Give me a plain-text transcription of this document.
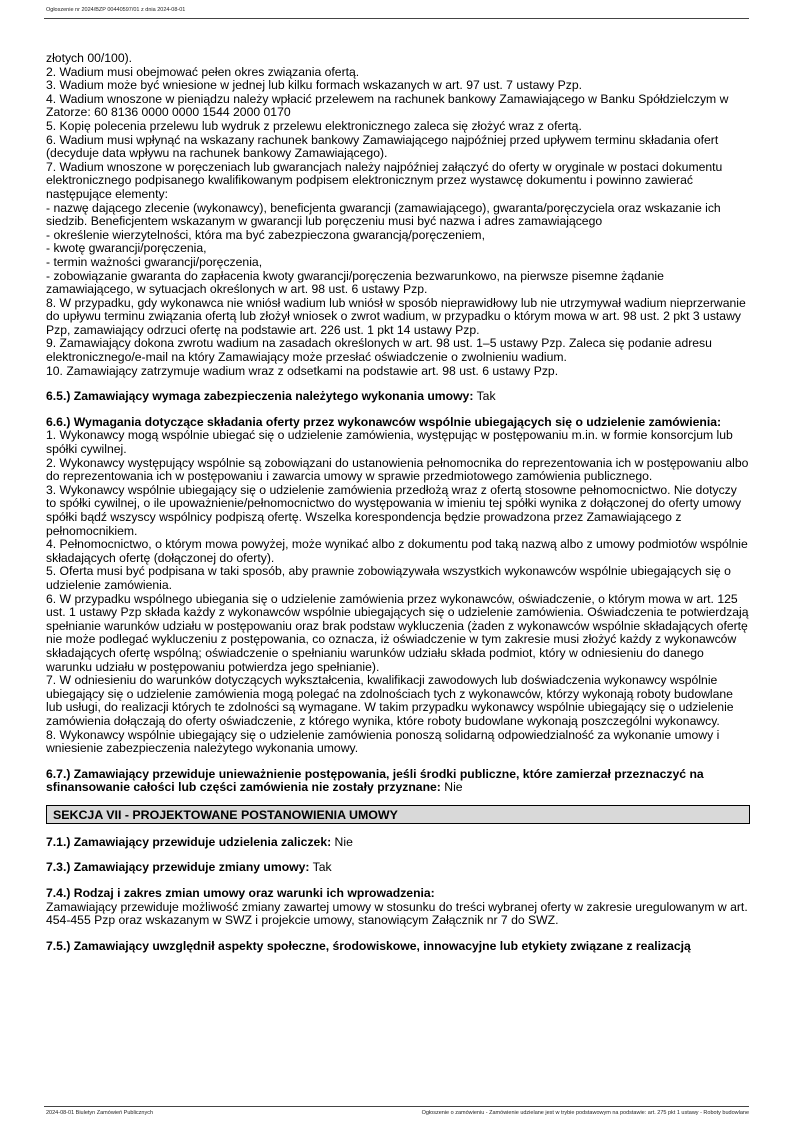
Ogłoszenie nr 2024/BZP 00440597/01 z dnia 2024-08-01

złotych 00/100).

2. Wadium musi obejmować pełen okres związania ofertą.

3. Wadium może być wniesione w jednej lub kilku formach wskazanych w art. 97 ust. 7 ustawy Pzp.

4. Wadium wnoszone w pieniądzu należy wpłacić przelewem na rachunek bankowy Zamawiającego w Banku Spółdzielczym w Zatorze: 60 8136 0000 0000 1544 2000 0170

5. Kopię polecenia przelewu lub wydruk z przelewu elektronicznego zaleca się złożyć wraz z ofertą.

6. Wadium musi wpłynąć na wskazany rachunek bankowy Zamawiającego najpóźniej przed upływem terminu składania ofert (decyduje data wpływu na rachunek bankowy Zamawiającego).

7. Wadium wnoszone w poręczeniach lub gwarancjach należy najpóźniej załączyć do oferty w oryginale w postaci dokumentu elektronicznego podpisanego kwalifikowanym podpisem elektronicznym przez wystawcę dokumentu i powinno zawierać następujące elementy:

- nazwę dającego zlecenie (wykonawcy), beneficjenta gwarancji (zamawiającego), gwaranta/poręczyciela oraz wskazanie ich siedzib. Beneficjentem wskazanym w gwarancji lub poręczeniu musi być nazwa i adres zamawiającego

- określenie wierzytelności, która ma być zabezpieczona gwarancją/poręczeniem,

- kwotę gwarancji/poręczenia,

- termin ważności gwarancji/poręczenia,

- zobowiązanie gwaranta do zapłacenia kwoty gwarancji/poręczenia bezwarunkowo, na pierwsze pisemne żądanie zamawiającego, w sytuacjach określonych w art. 98 ust. 6 ustawy Pzp.

8. W przypadku, gdy wykonawca nie wniósł wadium lub wniósł w sposób nieprawidłowy lub nie utrzymywał wadium nieprzerwanie do upływu terminu związania ofertą lub złożył wniosek o zwrot wadium, w przypadku o którym mowa w art. 98 ust. 2 pkt 3 ustawy Pzp, zamawiający odrzuci ofertę na podstawie art. 226 ust. 1 pkt 14 ustawy Pzp.

9. Zamawiający dokona zwrotu wadium na zasadach określonych w art. 98 ust. 1–5 ustawy Pzp. Zaleca się podanie adresu elektronicznego/e-mail na który Zamawiający może przesłać oświadczenie o zwolnieniu wadium.

10. Zamawiający zatrzymuje wadium wraz z odsetkami na podstawie art. 98 ust. 6 ustawy Pzp.

6.5.) Zamawiający wymaga zabezpieczenia należytego wykonania umowy: Tak

6.6.) Wymagania dotyczące składania oferty przez wykonawców wspólnie ubiegających się o udzielenie zamówienia:

1. Wykonawcy mogą wspólnie ubiegać się o udzielenie zamówienia, występując w postępowaniu m.in. w formie konsorcjum lub spółki cywilnej.

2. Wykonawcy występujący wspólnie są zobowiązani do ustanowienia pełnomocnika do reprezentowania ich w postępowaniu albo do reprezentowania ich w postępowaniu i zawarcia umowy w sprawie przedmiotowego zamówienia publicznego.

3. Wykonawcy wspólnie ubiegający się o udzielenie zamówienia przedłożą wraz z ofertą stosowne pełnomocnictwo. Nie dotyczy to spółki cywilnej, o ile upoważnienie/pełnomocnictwo do występowania w imieniu tej spółki wynika z dołączonej do oferty umowy spółki bądź wszyscy wspólnicy podpiszą ofertę. Wszelka korespondencja będzie prowadzona przez Zamawiającego z pełnomocnikiem.

4. Pełnomocnictwo, o którym mowa powyżej, może wynikać albo z dokumentu pod taką nazwą albo z umowy podmiotów wspólnie składających ofertę (dołączonej do oferty).

5. Oferta musi być podpisana w taki sposób, aby prawnie zobowiązywała wszystkich wykonawców wspólnie ubiegających się o udzielenie zamówienia.

6. W przypadku wspólnego ubiegania się o udzielenie zamówienia przez wykonawców, oświadczenie, o którym mowa w art. 125 ust. 1 ustawy Pzp składa każdy z wykonawców wspólnie ubiegających się o udzielenie zamówienia. Oświadczenia te potwierdzają spełnianie warunków udziału w postępowaniu oraz brak podstaw wykluczenia (żaden z wykonawców wspólnie składających ofertę nie może podlegać wykluczeniu z postępowania, co oznacza, iż oświadczenie w tym zakresie musi złożyć każdy z wykonawców składających ofertę wspólną; oświadczenie o spełnianiu warunków udziału składa podmiot, który w odniesieniu do danego warunku udziału w postępowaniu potwierdza jego spełnianie).

7. W odniesieniu do warunków dotyczących wykształcenia, kwalifikacji zawodowych lub doświadczenia wykonawcy wspólnie ubiegający się o udzielenie zamówienia mogą polegać na zdolnościach tych z wykonawców, którzy wykonają roboty budowlane lub usługi, do realizacji których te zdolności są wymagane. W takim przypadku wykonawcy wspólnie ubiegający się o udzielenie zamówienia dołączają do oferty oświadczenie, z którego wynika, które roboty budowlane wykonają poszczególni wykonawcy.

8. Wykonawcy wspólnie ubiegający się o udzielenie zamówienia ponoszą solidarną odpowiedzialność za wykonanie umowy i wniesienie zabezpieczenia należytego wykonania umowy.

6.7.) Zamawiający przewiduje unieważnienie postępowania, jeśli środki publiczne, które zamierzał przeznaczyć na sfinansowanie całości lub części zamówienia nie zostały przyznane: Nie

SEKCJA VII - PROJEKTOWANE POSTANOWIENIA UMOWY

7.1.) Zamawiający przewiduje udzielenia zaliczek: Nie

7.3.) Zamawiający przewiduje zmiany umowy: Tak

7.4.) Rodzaj i zakres zmian umowy oraz warunki ich wprowadzenia:

Zamawiający przewiduje możliwość zmiany zawartej umowy w stosunku do treści wybranej oferty w zakresie uregulowanym w art. 454-455 Pzp oraz wskazanym w SWZ i projekcie umowy, stanowiącym Załącznik nr 7 do SWZ.

7.5.) Zamawiający uwzględnił aspekty społeczne, środowiskowe, innowacyjne lub etykiety związane z realizacją

2024-08-01 Biuletyn Zamówień Publicznych	Ogłoszenie o zamówieniu - Zamówienie udzielane jest w trybie podstawowym na podstawie: art. 275 pkt 1 ustawy - Roboty budowlane
